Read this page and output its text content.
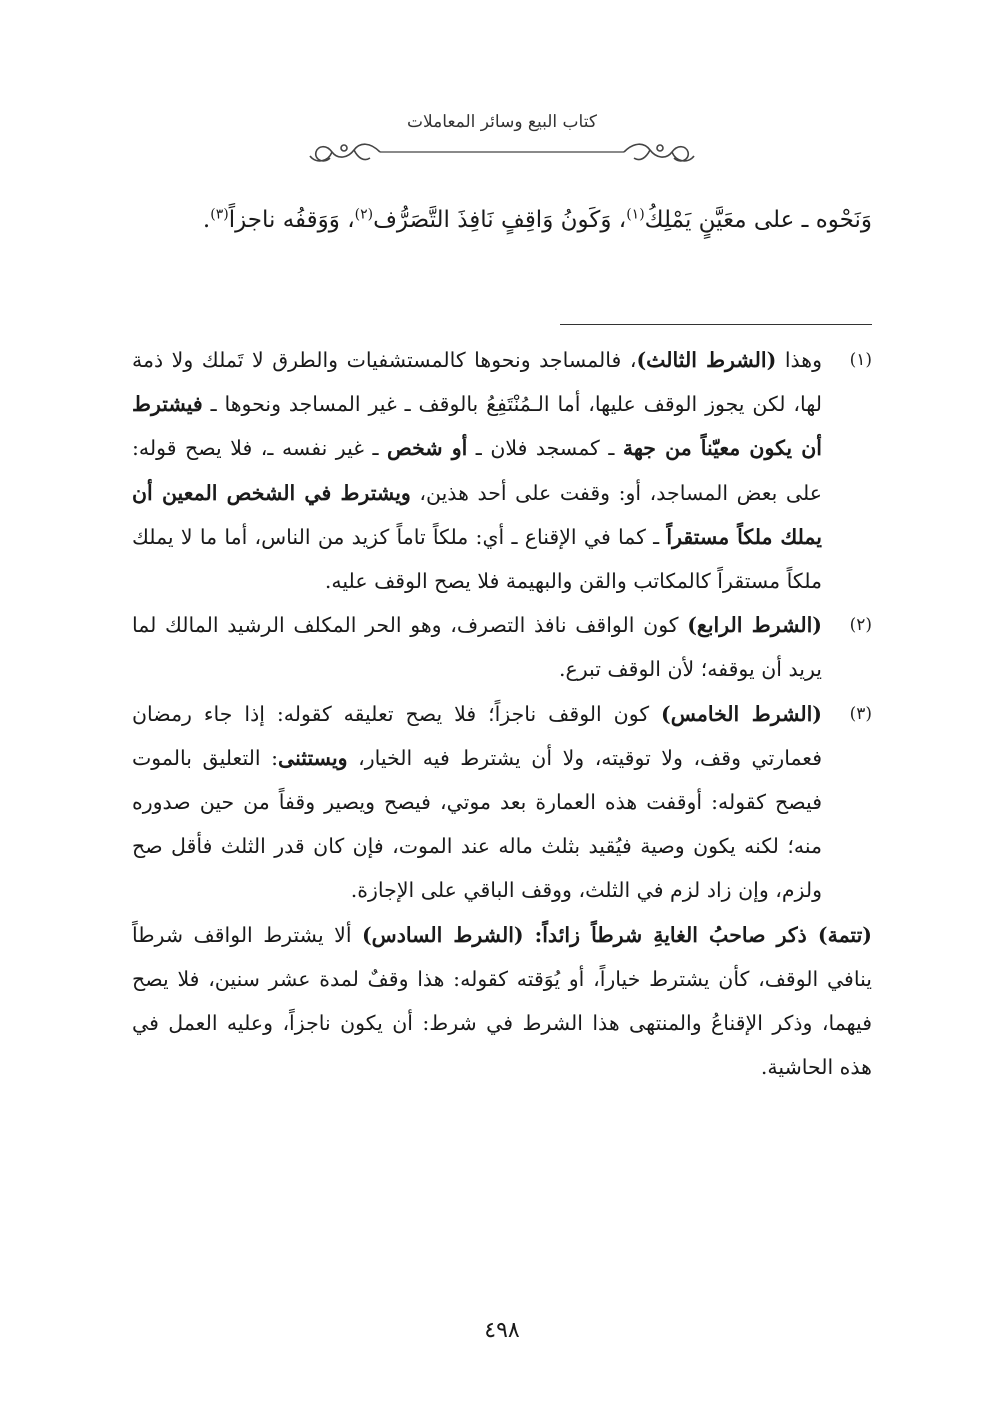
كتاب البيع وسائر المعاملات
وَنَحْوه ـ على معَيَّنٍ يَمْلِكُ$^{(١)}$، وَكَونُ وَاقِفٍ نَافِذَ التَّصَرُّف$^{(٢)}$، وَوَقفُه ناجزاً$^{(٣)}$.
(١)
وهذا (الشرط الثالث)، فالمساجد ونحوها كالمستشفيات والطرق لا تَملك ولا ذمة لها، لكن يجوز الوقف عليها، أما الـمُنْتَفِعُ بالوقف ـ غير المساجد ونحوها ـ فيشترط أن يكون معيّناً من جهة ـ كمسجد فلان ـ أو شخص ـ غير نفسه ـ، فلا يصح قوله: على بعض المساجد، أو: وقفت على أحد هذين، ويشترط في الشخص المعين أن يملك ملكاً مستقراً ـ كما في الإقناع ـ أي: ملكاً تاماً كزيد من الناس، أما ما لا يملك ملكاً مستقراً كالمكاتب والقن والبهيمة فلا يصح الوقف عليه.
(٢)
(الشرط الرابع) كون الواقف نافذ التصرف، وهو الحر المكلف الرشيد المالك لما يريد أن يوقفه؛ لأن الوقف تبرع.
(٣)
(الشرط الخامس) كون الوقف ناجزاً؛ فلا يصح تعليقه كقوله: إذا جاء رمضان فعمارتي وقف، ولا توقيته، ولا أن يشترط فيه الخيار، ويستثنى: التعليق بالموت فيصح كقوله: أوقفت هذه العمارة بعد موتي، فيصح ويصير وقفاً من حين صدوره منه؛ لكنه يكون وصية فيُقيد بثلث ماله عند الموت، فإن كان قدر الثلث فأقل صح ولزم، وإن زاد لزم في الثلث، ووقف الباقي على الإجازة.
(تتمة) ذكر صاحبُ الغايةِ شرطاً زائداً: (الشرط السادس) ألا يشترط الواقف شرطاً ينافي الوقف، كأن يشترط خياراً، أو يُوَقته كقوله: هذا وقفٌ لمدة عشر سنين، فلا يصح فيهما، وذكر الإقناعُ والمنتهى هذا الشرط في شرط: أن يكون ناجزاً، وعليه العمل في هذه الحاشية.
٤٩٨
